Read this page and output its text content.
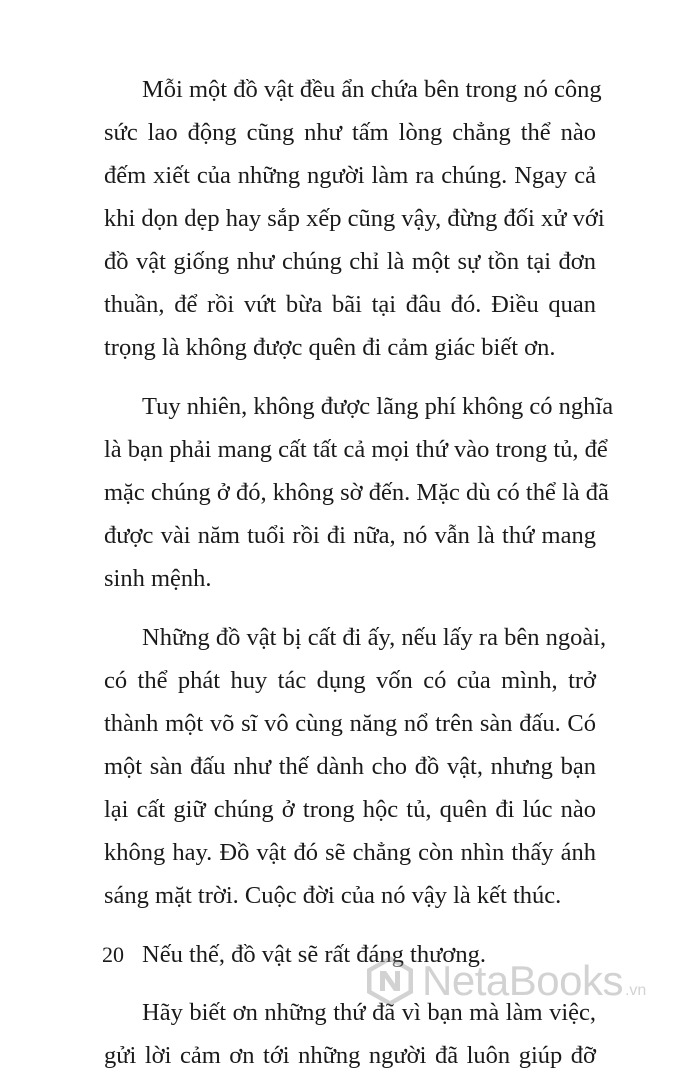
Mỗi một đồ vật đều ẩn chứa bên trong nó công
sức lao động cũng như tấm lòng chẳng thể nào
đếm xiết của những người làm ra chúng. Ngay cả
khi dọn dẹp hay sắp xếp cũng vậy, đừng đối xử với
đồ vật giống như chúng chỉ là một sự tồn tại đơn
thuần, để rồi vứt bừa bãi tại đâu đó. Điều quan
trọng là không được quên đi cảm giác biết ơn.

Tuy nhiên, không được lãng phí không có nghĩa
là bạn phải mang cất tất cả mọi thứ vào trong tủ, để
mặc chúng ở đó, không sờ đến. Mặc dù có thể là đã
được vài năm tuổi rồi đi nữa, nó vẫn là thứ mang
sinh mệnh.

Những đồ vật bị cất đi ấy, nếu lấy ra bên ngoài,
có thể phát huy tác dụng vốn có của mình, trở
thành một võ sĩ vô cùng năng nổ trên sàn đấu. Có
một sàn đấu như thế dành cho đồ vật, nhưng bạn
lại cất giữ chúng ở trong hộc tủ, quên đi lúc nào
không hay. Đồ vật đó sẽ chẳng còn nhìn thấy ánh
sáng mặt trời. Cuộc đời của nó vậy là kết thúc.

Nếu thế, đồ vật sẽ rất đáng thương.

Hãy biết ơn những thứ đã vì bạn mà làm việc,
gửi lời cảm ơn tới những người đã luôn giúp đỡ

20
NetaBooks .vn
